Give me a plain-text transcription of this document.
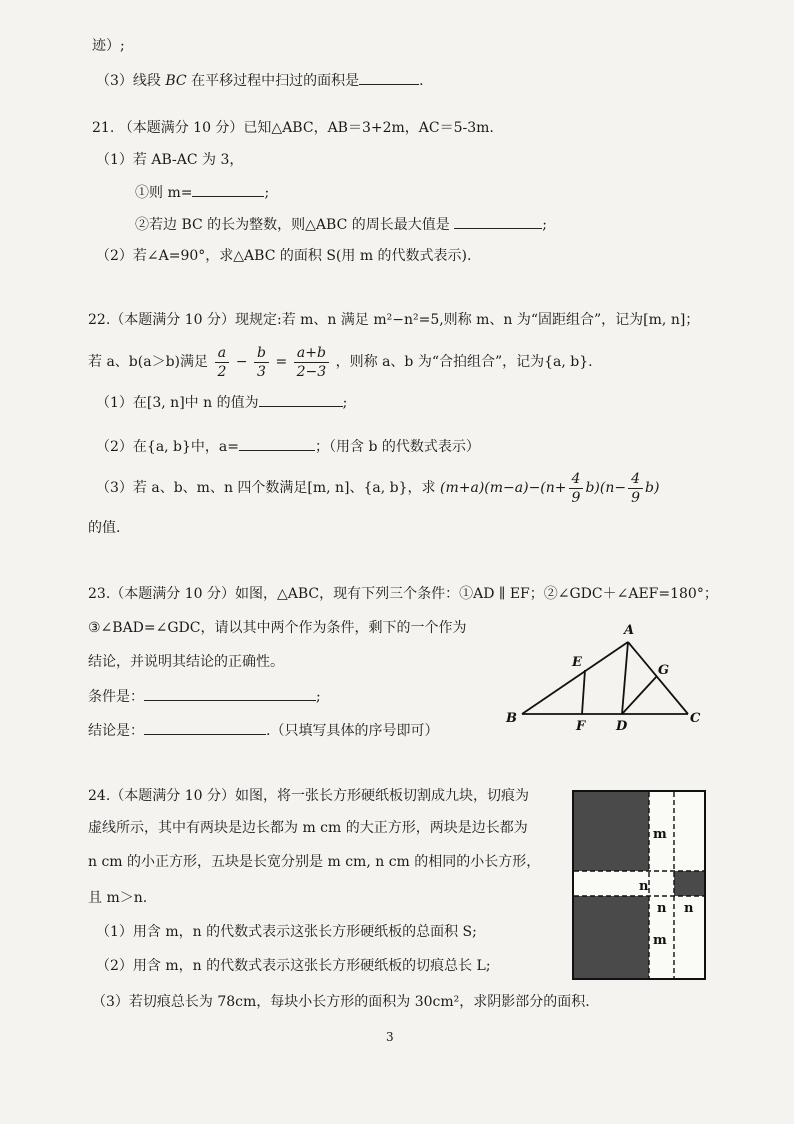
迹）;
（3）线段 BC 在平移过程中扫过的面积是	.
21. （本题满分 10 分）已知△ABC，AB＝3+2m，AC＝5-3m.
（1）若 AB-AC 为 3，
①则 m=	;
②若边 BC 的长为整数，则△ABC 的周长最大值是	;
（2）若∠A=90°，求△ABC 的面积 S(用 m 的代数式表示).
22.（本题满分 10 分）现规定:若 m、n 满足 m²−n²=5,则称 m、n 为“固距组合”，记为[m, n]；
若 a、b(a＞b)满足 $\frac{a}{2} - \frac{b}{3} = \frac{a+b}{2-3}$ ，则称 a、b 为“合拍组合”，记为{a, b}.
（1）在[3, n]中 n 的值为	;
（2）在{a, b}中，a=	；（用含 b 的代数式表示）
（3）若 a、b、m、n 四个数满足[m, n]、{a, b}，求 $(m+a)(m-a)-(n+ \frac{4}{9} b)(n- \frac{4}{9} b)$
的值.
23.（本题满分 10 分）如图，△ABC，现有下列三个条件：①AD ∥ EF；②∠GDC＋∠AEF=180°；
③∠BAD=∠GDC，请以其中两个作为条件，剩下的一个作为
结论，并说明其结论的正确性。
条件是：	;
结论是：	.（只填写具体的序号即可）
A
B	C
D
E
F
G
24.（本题满分 10 分）如图，将一张长方形硬纸板切割成九块，切痕为
虚线所示，其中有两块是边长都为 m cm 的大正方形，两块是边长都为
n cm 的小正方形，五块是长宽分别是 m cm, n cm 的相同的小长方形，
且 m＞n.
（1）用含 m，n 的代数式表示这张长方形硬纸板的总面积 S;
（2）用含 m，n 的代数式表示这张长方形硬纸板的切痕总长 L;
（3）若切痕总长为 78cm，每块小长方形的面积为 30cm²，求阴影部分的面积.
m
n
n n
m
3
